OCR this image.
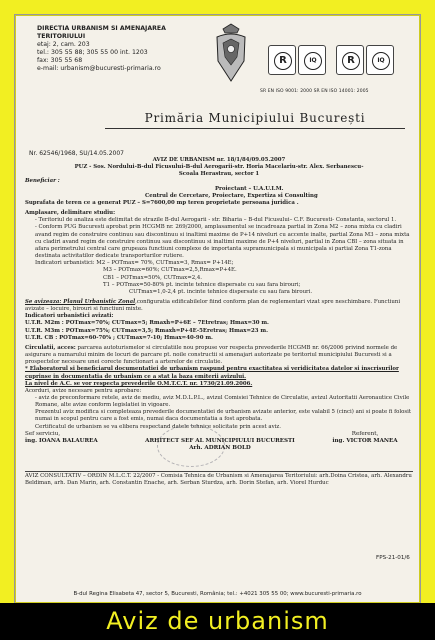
DIRECTIA URBANISM SI AMENAJAREA
TERITORIULUI
etaj: 2, cam. 203
tel.: 305 55 88; 305 55 00 int. 1203
fax: 305 55 68
e-mail: urbanism@bucuresti-primaria.ro
R	IQ	R	IQ
SR EN ISO 9001: 2000 SR EN ISO 14001: 2005
Primăria Municipiului București
Nr. 62546/1968, SU/14.05.2007

AVIZ DE URBANISM nr. 18/1/84/09.05.2007

PUZ - Sos. Nordului-B-dul Ficusului-B-dul Aerogarii-str. Horia Macelariu-str. Alex. Serbanescu-

Scoala Herastrau, sector 1

Beneficiar :

Proiectant – U.A.U.I.M.

Centrul de Cercetare, Proiectare, Expertiza si Consulting

Suprafata de teren ce a generat PUZ – S=7600,00 mp teren proprietate persoana juridica .

Amplasare, delimitare studiu:

- Teritoriul de analiza este delimitat de strazile B-dul Aerogarii - str. Biharia – B-dul Ficusului– C.F. Bucuresti- Constanta, sectorul 1.

- Conform PUG Bucuresti aprobat prin HCGMB nr. 269/2000, amplasamentul se incadreaza partial in Zona M2 – zona mixta cu cladiri avand regim de construire continuu sau discontinuu si inaltimi maxime de P+14 niveluri cu accente inalte, partial Zona M3 – zona mixta cu cladiri avand regim de construire continuu sau discontinuu si inaltimi maxime de P+4 niveluri, partial in Zona CBI – zona situata in afara perimetrului central care grupeaza functiuni complexe de importanta supramunicipala si municipala si partial Zona T1-zona destinata activitatilor dedicate transporturilor rutiere.

Indicatori urbanistici: M2 – POTmax= 70%, CUTmax=3, Rmax= P+14E;

M3 – POTmax=60%; CUTmax=2,5,Rmax=P+4E.

CB1 – POTmax=50%, CUTmax=2,4.

T1 – POTmax=50-80% pt. incinte tehnice dispersate cu sau fara birouri;

CUTmax=1,0-2,4 pt. incinte tehnice dispersate cu sau fara birouri.

Se avizeaza: Planul Urbanistic Zonal,configuratia edificabilelor fiind conform plan de reglementari vizat spre neschimbare. Functiuni avizate – locuire, birouri si functiuni mixte.

Indicatori urbanistici avizati:

U.T.R. M2m : POTmax=70%; CUTmax=5; Rmaxh=P+6E – 7Etretras; Hmax=30 m.

U.T.R. M3m : POTmax=75%; CUTmax=3,5; Rmaxh=P+4E-5Eretras; Hmax=23 m.

U.T.R. CB : POTmax=60-70% ; CUTmax=7-10; Hmax=40-90 m.

Circulatii, acces: parcarea autoturismelor si circulatiile nou propuse vor respecta prevederile HCGMB nr. 66/2006 privind normele de asigurare a numarului minim de locuri de parcare pt. noile constructii si amenajari autorizate pe teritoriul municipiului Bucuresti si a prospectelor necesare unei corecte functionari a arterelor de circulatie.

* Elaboratorul si beneficiarul documentatiei de urbanism raspund pentru exactitatea si veridicitatea datelor si inscrisurilor cuprinse in documentatia de urbanism ce a stat la baza emiterii avizului.

La nivel de A.C. se vor respecta prevederile O.M.T.C.T. nr. 1730/21.09.2006.

Acorduri, avize necesare pentru aprobare:

- aviz de preconformare retele, aviz de mediu, aviz M.D.L.P.L., avizul Comisiei Tehnice de Circulatie, avizul Autoritatii Aeronautice Civile Romane, alte avize conform legislatiei in vigoare.

Prezentul aviz modifica si completeaza prevederile documentatiei de urbanism avizate anterior, este valabil 5 (cinci) ani si poate fi folosit numai in scopul pentru care a fost emis, numai daca documentatia a fost aprobata.

Certificatul de urbanism se va elibera respectand datele tehnice solicitate prin acest aviz.

Sef serviciu,
ing. IOANA BALAUREA	ARHITECT SEF AL MUNICIPIULUI BUCURESTI
Arh. ADRIAN BOLD
Referent,
ing. VICTOR MANEA
AVIZ CONSULTATIV – ORDIN M.L.C.T. 22/2007 - Comisia Tehnica de Urbanism si Amenajarea Teritoriului: arh.Doina Cristea, arh. Alexandru Beldiman, arh. Dan Marin, arh. Constantin Enache, arh. Serban Sturdza, arh. Dorin Stefan, arh. Viorel Hurduc
FPS-21-01/6
B-dul Regina Elisabeta 47, sector 5, Bucuresti, România; tel.: +4021 305 55 00; www.bucuresti-primaria.ro
Aviz de urbanism
